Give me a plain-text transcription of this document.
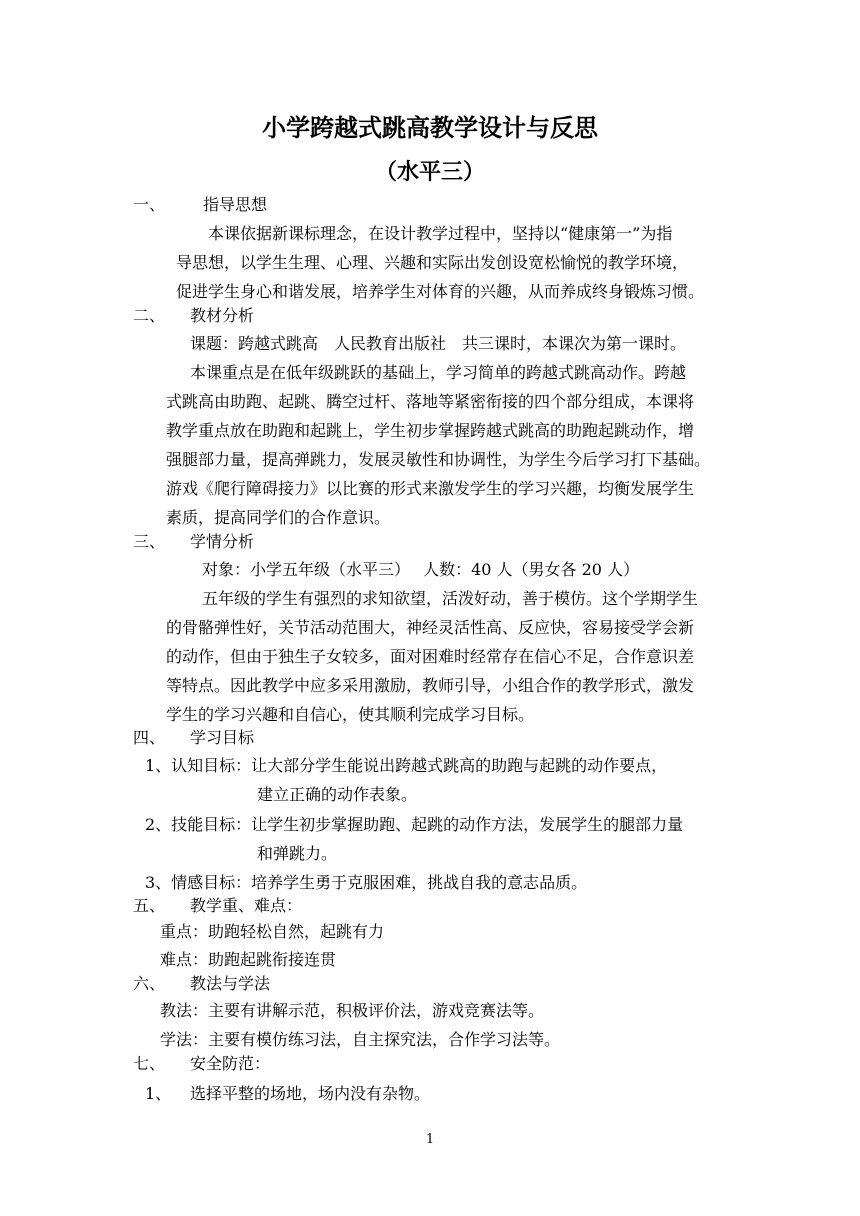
小学跨越式跳高教学设计与反思
（水平三）
一、 指导思想
本课依据新课标理念，在设计教学过程中，坚持以“健康第一”为指
导思想，以学生生理、心理、兴趣和实际出发创设宽松愉悦的教学环境，
促进学生身心和谐发展，培养学生对体育的兴趣，从而养成终身锻炼习惯。
二、 教材分析
课题：跨越式跳高　人民教育出版社　共三课时，本课次为第一课时。
本课重点是在低年级跳跃的基础上，学习简单的跨越式跳高动作。跨越
式跳高由助跑、起跳、腾空过杆、落地等紧密衔接的四个部分组成，本课将
教学重点放在助跑和起跳上，学生初步掌握跨越式跳高的助跑起跳动作，增
强腿部力量，提高弹跳力，发展灵敏性和协调性，为学生今后学习打下基础。
游戏《爬行障碍接力》以比赛的形式来激发学生的学习兴趣，均衡发展学生
素质，提高同学们的合作意识。
三、 学情分析
对象：小学五年级（水平三）　 人数：40 人（男女各 20 人）
五年级的学生有强烈的求知欲望，活泼好动，善于模仿。这个学期学生
的骨骼弹性好，关节活动范围大，神经灵活性高、反应快，容易接受学会新
的动作，但由于独生子女较多，面对困难时经常存在信心不足，合作意识差
等特点。因此教学中应多采用激励，教师引导，小组合作的教学形式，激发
学生的学习兴趣和自信心，使其顺利完成学习目标。
四、 学习目标
1、认知目标：让大部分学生能说出跨越式跳高的助跑与起跳的动作要点，
建立正确的动作表象。
2、技能目标：让学生初步掌握助跑、起跳的动作方法，发展学生的腿部力量
和弹跳力。
3、情感目标：培养学生勇于克服困难，挑战自我的意志品质。
五、 教学重、难点：
重点：助跑轻松自然，起跳有力
难点：助跑起跳衔接连贯
六、 教法与学法
教法：主要有讲解示范，积极评价法，游戏竞赛法等。
学法：主要有模仿练习法，自主探究法，合作学习法等。
七、 安全防范：
1、 选择平整的场地，场内没有杂物。
1
